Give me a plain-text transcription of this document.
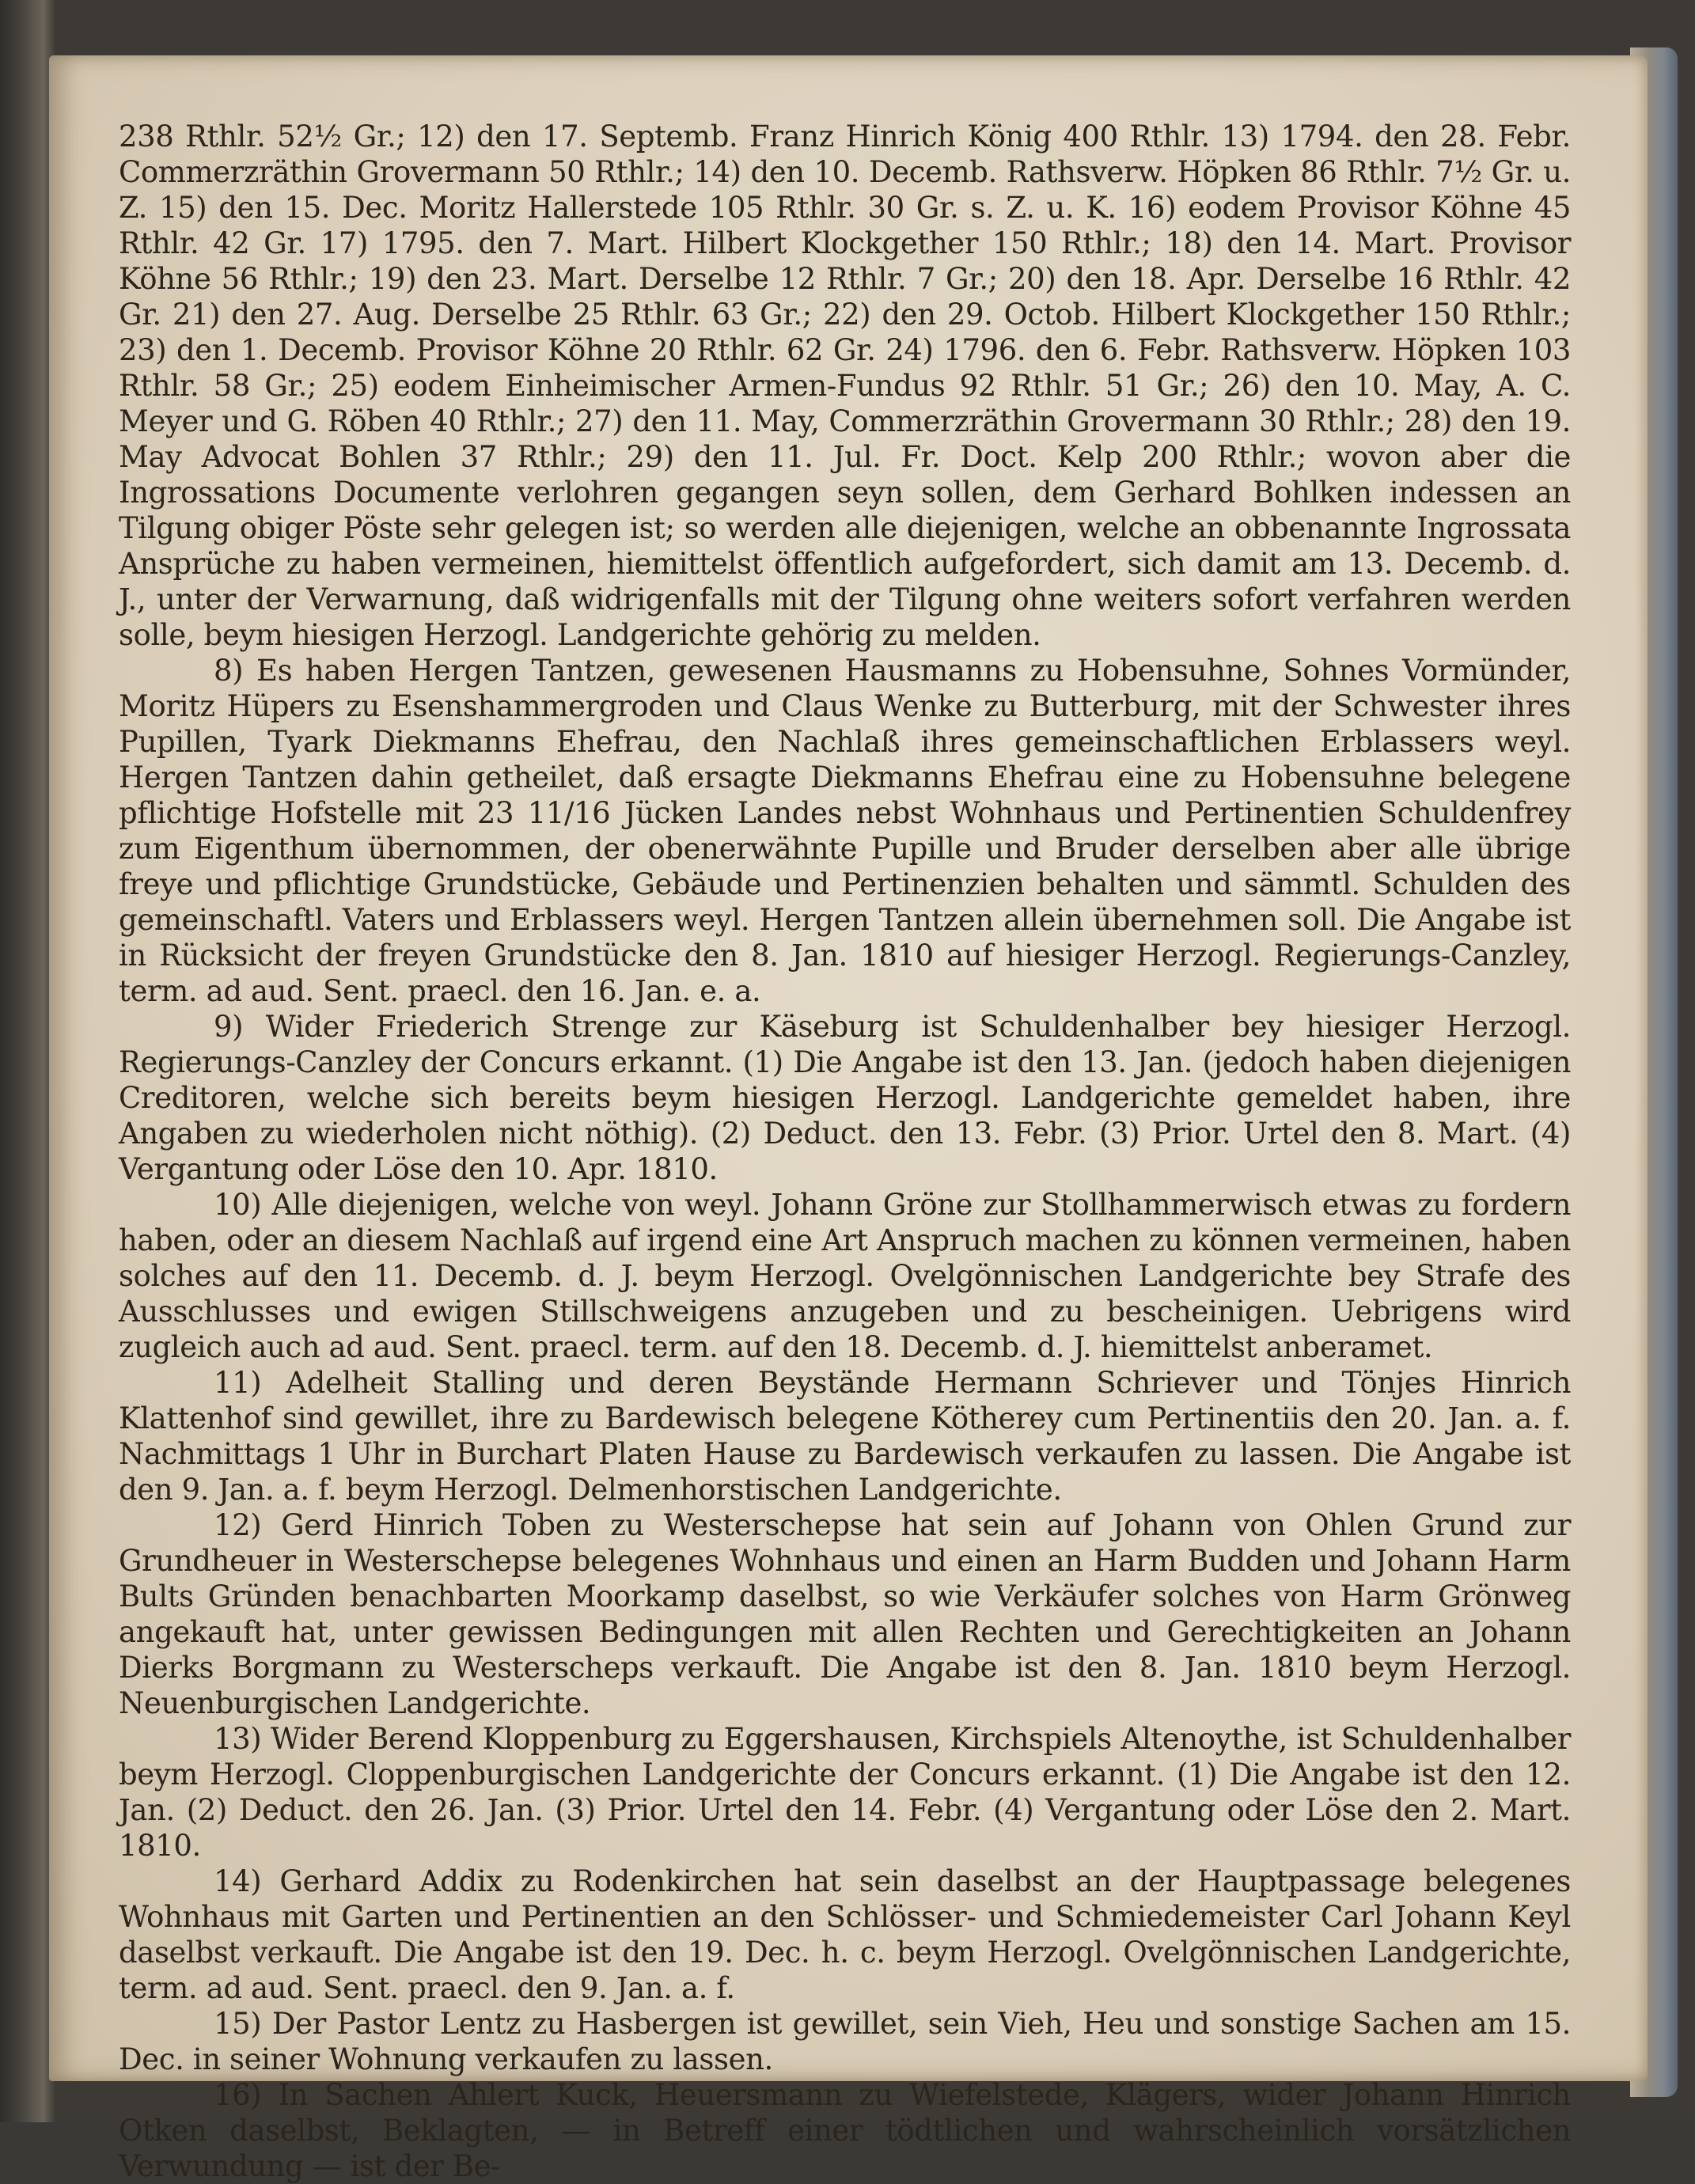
238 Rthlr. 52½ Gr.; 12) den 17. Septemb. Franz Hinrich König 400 Rthlr. 13) 1794. den 28. Febr. Commerzräthin Grovermann 50 Rthlr.; 14) den 10. Decemb. Rathsverw. Höpken 86 Rthlr. 7½ Gr. u. Z. 15) den 15. Dec. Moritz Hallerstede 105 Rthlr. 30 Gr. s. Z. u. K. 16) eodem Provisor Köhne 45 Rthlr. 42 Gr. 17) 1795. den 7. Mart. Hilbert Klockgether 150 Rthlr.; 18) den 14. Mart. Provisor Köhne 56 Rthlr.; 19) den 23. Mart. Derselbe 12 Rthlr. 7 Gr.; 20) den 18. Apr. Derselbe 16 Rthlr. 42 Gr. 21) den 27. Aug. Derselbe 25 Rthlr. 63 Gr.; 22) den 29. Octob. Hilbert Klockgether 150 Rthlr.; 23) den 1. Decemb. Provisor Köhne 20 Rthlr. 62 Gr. 24) 1796. den 6. Febr. Rathsverw. Höpken 103 Rthlr. 58 Gr.; 25) eodem Einheimischer Armen-Fundus 92 Rthlr. 51 Gr.; 26) den 10. May, A. C. Meyer und G. Röben 40 Rthlr.; 27) den 11. May, Commerzräthin Grovermann 30 Rthlr.; 28) den 19. May Advocat Bohlen 37 Rthlr.; 29) den 11. Jul. Fr. Doct. Kelp 200 Rthlr.; wovon aber die Ingrossations Documente verlohren gegangen seyn sollen, dem Gerhard Bohlken indessen an Tilgung obiger Pöste sehr gelegen ist; so werden alle diejenigen, welche an obbenannte Ingrossata Ansprüche zu haben vermeinen, hiemittelst öffentlich aufgefordert, sich damit am 13. Decemb. d. J., unter der Verwarnung, daß widrigenfalls mit der Tilgung ohne weiters sofort verfahren werden solle, beym hiesigen Herzogl. Landgerichte gehörig zu melden.

8) Es haben Hergen Tantzen, gewesenen Hausmanns zu Hobensuhne, Sohnes Vormünder, Moritz Hüpers zu Esenshammergroden und Claus Wenke zu Butterburg, mit der Schwester ihres Pupillen, Tyark Diekmanns Ehefrau, den Nachlaß ihres gemeinschaftlichen Erblassers weyl. Hergen Tantzen dahin getheilet, daß ersagte Diekmanns Ehefrau eine zu Hobensuhne belegene pflichtige Hofstelle mit 23 11/16 Jücken Landes nebst Wohnhaus und Pertinentien Schuldenfrey zum Eigenthum übernommen, der obenerwähnte Pupille und Bruder derselben aber alle übrige freye und pflichtige Grundstücke, Gebäude und Pertinenzien behalten und sämmtl. Schulden des gemeinschaftl. Vaters und Erblassers weyl. Hergen Tantzen allein übernehmen soll. Die Angabe ist in Rücksicht der freyen Grundstücke den 8. Jan. 1810 auf hiesiger Herzogl. Regierungs-Canzley, term. ad aud. Sent. praecl. den 16. Jan. e. a.

9) Wider Friederich Strenge zur Käseburg ist Schuldenhalber bey hiesiger Herzogl. Regierungs-Canzley der Concurs erkannt. (1) Die Angabe ist den 13. Jan. (jedoch haben diejenigen Creditoren, welche sich bereits beym hiesigen Herzogl. Landgerichte gemeldet haben, ihre Angaben zu wiederholen nicht nöthig). (2) Deduct. den 13. Febr. (3) Prior. Urtel den 8. Mart. (4) Vergantung oder Löse den 10. Apr. 1810.

10) Alle diejenigen, welche von weyl. Johann Gröne zur Stollhammerwisch etwas zu fordern haben, oder an diesem Nachlaß auf irgend eine Art Anspruch machen zu können vermeinen, haben solches auf den 11. Decemb. d. J. beym Herzogl. Ovelgönnischen Landgerichte bey Strafe des Ausschlusses und ewigen Stillschweigens anzugeben und zu bescheinigen. Uebrigens wird zugleich auch ad aud. Sent. praecl. term. auf den 18. Decemb. d. J. hiemittelst anberamet.

11) Adelheit Stalling und deren Beystände Hermann Schriever und Tönjes Hinrich Klattenhof sind gewillet, ihre zu Bardewisch belegene Kötherey cum Pertinentiis den 20. Jan. a. f. Nachmittags 1 Uhr in Burchart Platen Hause zu Bardewisch verkaufen zu lassen. Die Angabe ist den 9. Jan. a. f. beym Herzogl. Delmenhorstischen Landgerichte.

12) Gerd Hinrich Toben zu Westerschepse hat sein auf Johann von Ohlen Grund zur Grundheuer in Westerschepse belegenes Wohnhaus und einen an Harm Budden und Johann Harm Bults Gründen benachbarten Moorkamp daselbst, so wie Verkäufer solches von Harm Grönweg angekauft hat, unter gewissen Bedingungen mit allen Rechten und Gerechtigkeiten an Johann Dierks Borgmann zu Westerscheps verkauft. Die Angabe ist den 8. Jan. 1810 beym Herzogl. Neuenburgischen Landgerichte.

13) Wider Berend Kloppenburg zu Eggershausen, Kirchspiels Altenoythe, ist Schuldenhalber beym Herzogl. Cloppenburgischen Landgerichte der Concurs erkannt. (1) Die Angabe ist den 12. Jan. (2) Deduct. den 26. Jan. (3) Prior. Urtel den 14. Febr. (4) Vergantung oder Löse den 2. Mart. 1810.

14) Gerhard Addix zu Rodenkirchen hat sein daselbst an der Hauptpassage belegenes Wohnhaus mit Garten und Pertinentien an den Schlösser- und Schmiedemeister Carl Johann Keyl daselbst verkauft. Die Angabe ist den 19. Dec. h. c. beym Herzogl. Ovelgönnischen Landgerichte, term. ad aud. Sent. praecl. den 9. Jan. a. f.

15) Der Pastor Lentz zu Hasbergen ist gewillet, sein Vieh, Heu und sonstige Sachen am 15. Dec. in seiner Wohnung verkaufen zu lassen.

16) In Sachen Ahlert Kuck, Heuersmann zu Wiefelstede, Klägers, wider Johann Hinrich Otken daselbst, Beklagten, — in Betreff einer tödtlichen und wahrscheinlich vorsätzlichen Verwundung — ist der Be-
